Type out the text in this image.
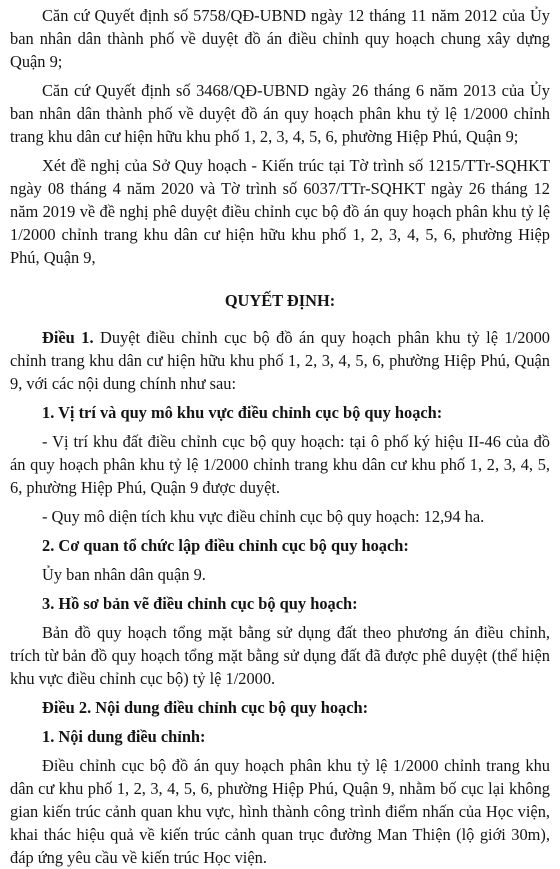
Căn cứ Quyết định số 5758/QĐ-UBND ngày 12 tháng 11 năm 2012 của Ủy ban nhân dân thành phố về duyệt đồ án điều chỉnh quy hoạch chung xây dựng Quận 9;

Căn cứ Quyết định số 3468/QĐ-UBND ngày 26 tháng 6 năm 2013 của Ủy ban nhân dân thành phố về duyệt đồ án quy hoạch phân khu tỷ lệ 1/2000 chỉnh trang khu dân cư hiện hữu khu phố 1, 2, 3, 4, 5, 6, phường Hiệp Phú, Quận 9;

Xét đề nghị của Sở Quy hoạch - Kiến trúc tại Tờ trình số 1215/TTr-SQHKT ngày 08 tháng 4 năm 2020 và Tờ trình số 6037/TTr-SQHKT ngày 26 tháng 12 năm 2019 về đề nghị phê duyệt điều chỉnh cục bộ đồ án quy hoạch phân khu tỷ lệ 1/2000 chỉnh trang khu dân cư hiện hữu khu phố 1, 2, 3, 4, 5, 6, phường Hiệp Phú, Quận 9,

QUYẾT ĐỊNH:

Điều 1. Duyệt điều chỉnh cục bộ đồ án quy hoạch phân khu tỷ lệ 1/2000 chỉnh trang khu dân cư hiện hữu khu phố 1, 2, 3, 4, 5, 6, phường Hiệp Phú, Quận 9, với các nội dung chính như sau:

1. Vị trí và quy mô khu vực điều chỉnh cục bộ quy hoạch:

- Vị trí khu đất điều chỉnh cục bộ quy hoạch: tại ô phố ký hiệu II-46 của đồ án quy hoạch phân khu tỷ lệ 1/2000 chỉnh trang khu dân cư khu phố 1, 2, 3, 4, 5, 6, phường Hiệp Phú, Quận 9 được duyệt.

- Quy mô diện tích khu vực điều chỉnh cục bộ quy hoạch: 12,94 ha.

2. Cơ quan tổ chức lập điều chỉnh cục bộ quy hoạch:

Ủy ban nhân dân quận 9.

3. Hồ sơ bản vẽ điều chỉnh cục bộ quy hoạch:

Bản đồ quy hoạch tổng mặt bằng sử dụng đất theo phương án điều chỉnh, trích từ bản đồ quy hoạch tổng mặt bằng sử dụng đất đã được phê duyệt (thể hiện khu vực điều chỉnh cục bộ) tỷ lệ 1/2000.

Điều 2. Nội dung điều chỉnh cục bộ quy hoạch:

1. Nội dung điều chỉnh:

Điều chỉnh cục bộ đồ án quy hoạch phân khu tỷ lệ 1/2000 chỉnh trang khu dân cư khu phố 1, 2, 3, 4, 5, 6, phường Hiệp Phú, Quận 9, nhằm bố cục lại không gian kiến trúc cảnh quan khu vực, hình thành công trình điểm nhấn của Học viện, khai thác hiệu quả về kiến trúc cảnh quan trục đường Man Thiện (lộ giới 30m), đáp ứng yêu cầu về kiến trúc Học viện.
